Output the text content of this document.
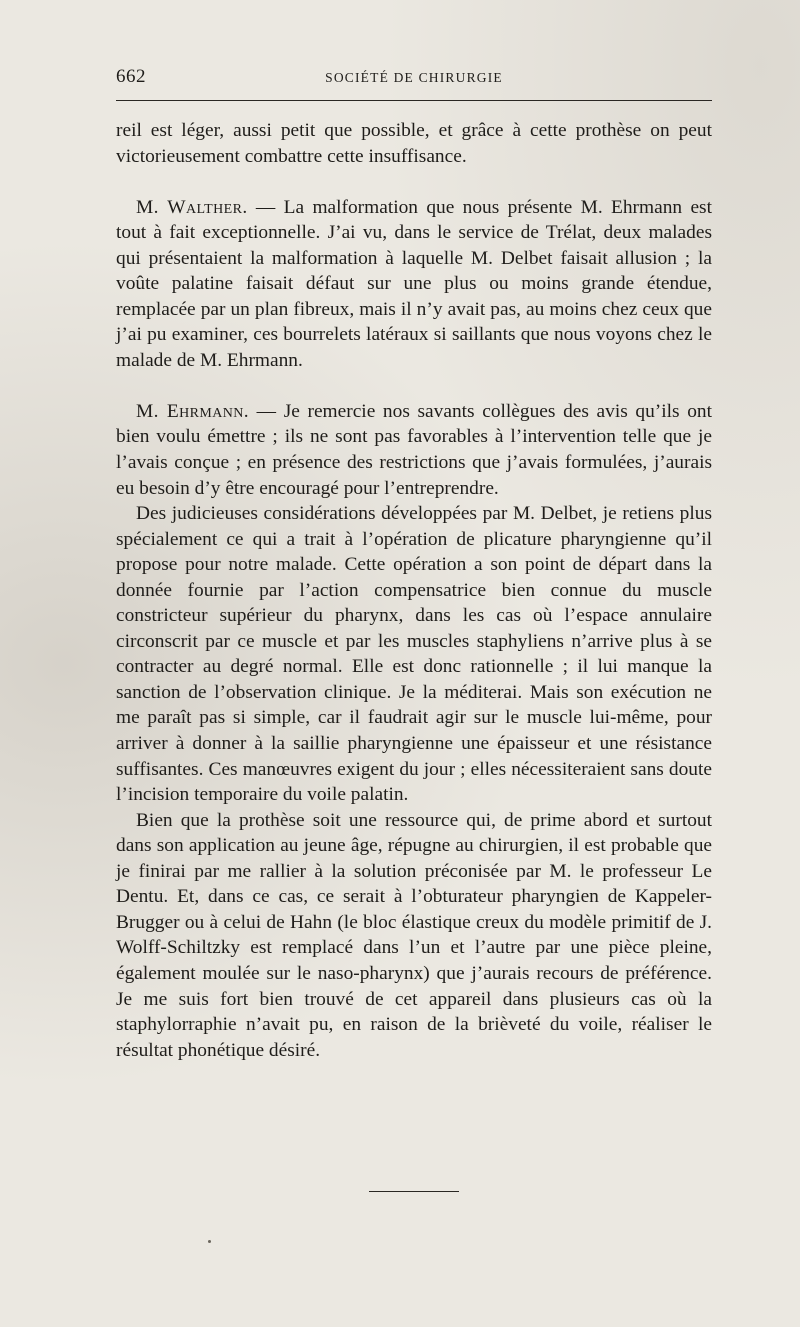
662	SOCIÉTÉ DE CHIRURGIE

reil est léger, aussi petit que possible, et grâce à cette prothèse on peut victorieusement combattre cette insuffisance.

M. Walther. — La malformation que nous présente M. Ehrmann est tout à fait exceptionnelle. J’ai vu, dans le service de Trélat, deux malades qui présentaient la malformation à laquelle M. Delbet faisait allusion ; la voûte palatine faisait défaut sur une plus ou moins grande étendue, remplacée par un plan fibreux, mais il n’y avait pas, au moins chez ceux que j’ai pu examiner, ces bourrelets latéraux si saillants que nous voyons chez le malade de M. Ehrmann.

M. Ehrmann. — Je remercie nos savants collègues des avis qu’ils ont bien voulu émettre ; ils ne sont pas favorables à l’intervention telle que je l’avais conçue ; en présence des restrictions que j’avais formulées, j’aurais eu besoin d’y être encouragé pour l’entreprendre.

Des judicieuses considérations développées par M. Delbet, je retiens plus spécialement ce qui a trait à l’opération de plicature pharyngienne qu’il propose pour notre malade. Cette opération a son point de départ dans la donnée fournie par l’action compensatrice bien connue du muscle constricteur supérieur du pharynx, dans les cas où l’espace annulaire circonscrit par ce muscle et par les muscles staphyliens n’arrive plus à se contracter au degré normal. Elle est donc rationnelle ; il lui manque la sanction de l’observation clinique. Je la méditerai. Mais son exécution ne me paraît pas si simple, car il faudrait agir sur le muscle lui-même, pour arriver à donner à la saillie pharyngienne une épaisseur et une résistance suffisantes. Ces manœuvres exigent du jour ; elles nécessiteraient sans doute l’incision temporaire du voile palatin.

Bien que la prothèse soit une ressource qui, de prime abord et surtout dans son application au jeune âge, répugne au chirurgien, il est probable que je finirai par me rallier à la solution préconisée par M. le professeur Le Dentu. Et, dans ce cas, ce serait à l’obturateur pharyngien de Kappeler-Brugger ou à celui de Hahn (le bloc élastique creux du modèle primitif de J. Wolff-Schiltzky est remplacé dans l’un et l’autre par une pièce pleine, également moulée sur le naso-pharynx) que j’aurais recours de préférence. Je me suis fort bien trouvé de cet appareil dans plusieurs cas où la staphylorraphie n’avait pu, en raison de la brièveté du voile, réaliser le résultat phonétique désiré.
